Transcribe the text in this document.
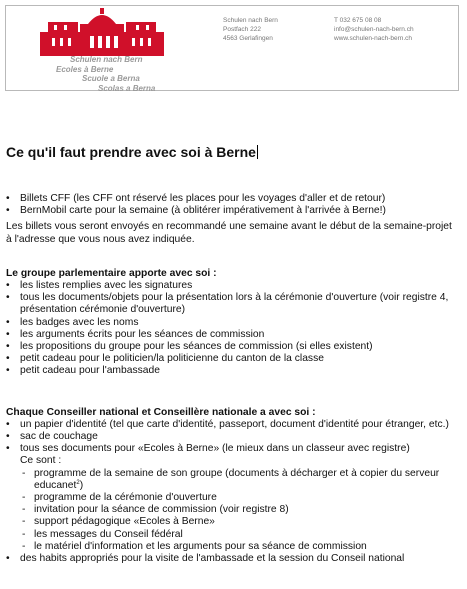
Schulen nach Bern
Ecoles à Berne
Scuole a Berna
Scolas a Berna
Schulen nach Bern
Postfach 222
4563 Gerlafingen
T 032 675 08 08
info@schulen-nach-bern.ch
www.schulen-nach-bern.ch
Ce qu'il faut prendre avec soi à Berne
• Billets CFF (les CFF ont réservé les places pour les voyages d'aller et de retour)
• BernMobil carte pour la semaine (à oblitérer impérativement à l'arrivée à Berne!)

Les billets vous seront envoyés en recommandé une semaine avant le début de la semaine-projet à l'adresse que vous nous avez indiquée.

Le groupe parlementaire apporte avec soi :

• les listes remplies avec les signatures
• tous les documents/objets pour la présentation lors à la cérémonie d'ouverture (voir registre 4, présentation cérémonie d'ouverture)
• les badges avec les noms
• les arguments écrits pour les séances de commission
• les propositions du groupe pour les séances de commission (si elles existent)
• petit cadeau pour le politicien/la politicienne du canton de la classe
• petit cadeau pour l'ambassade

Chaque Conseiller national et Conseillère nationale a avec soi :

• un papier d'identité (tel que carte d'identité, passeport, document d'identité pour étranger, etc.)
• sac de couchage
• tous ses documents pour «Ecoles à Berne» (le mieux dans un classeur avec registre)
Ce sont :
- programme de la semaine de son groupe (documents à décharger et à copier du serveur educanet$^2$)
- programme de la cérémonie d'ouverture
- invitation pour la séance de commission (voir registre 8)
- support pédagogique «Ecoles à Berne»
- les messages du Conseil fédéral
- le matériel d'information et les arguments pour sa séance de commission
• des habits appropriés pour la visite de l'ambassade et la session du Conseil national
